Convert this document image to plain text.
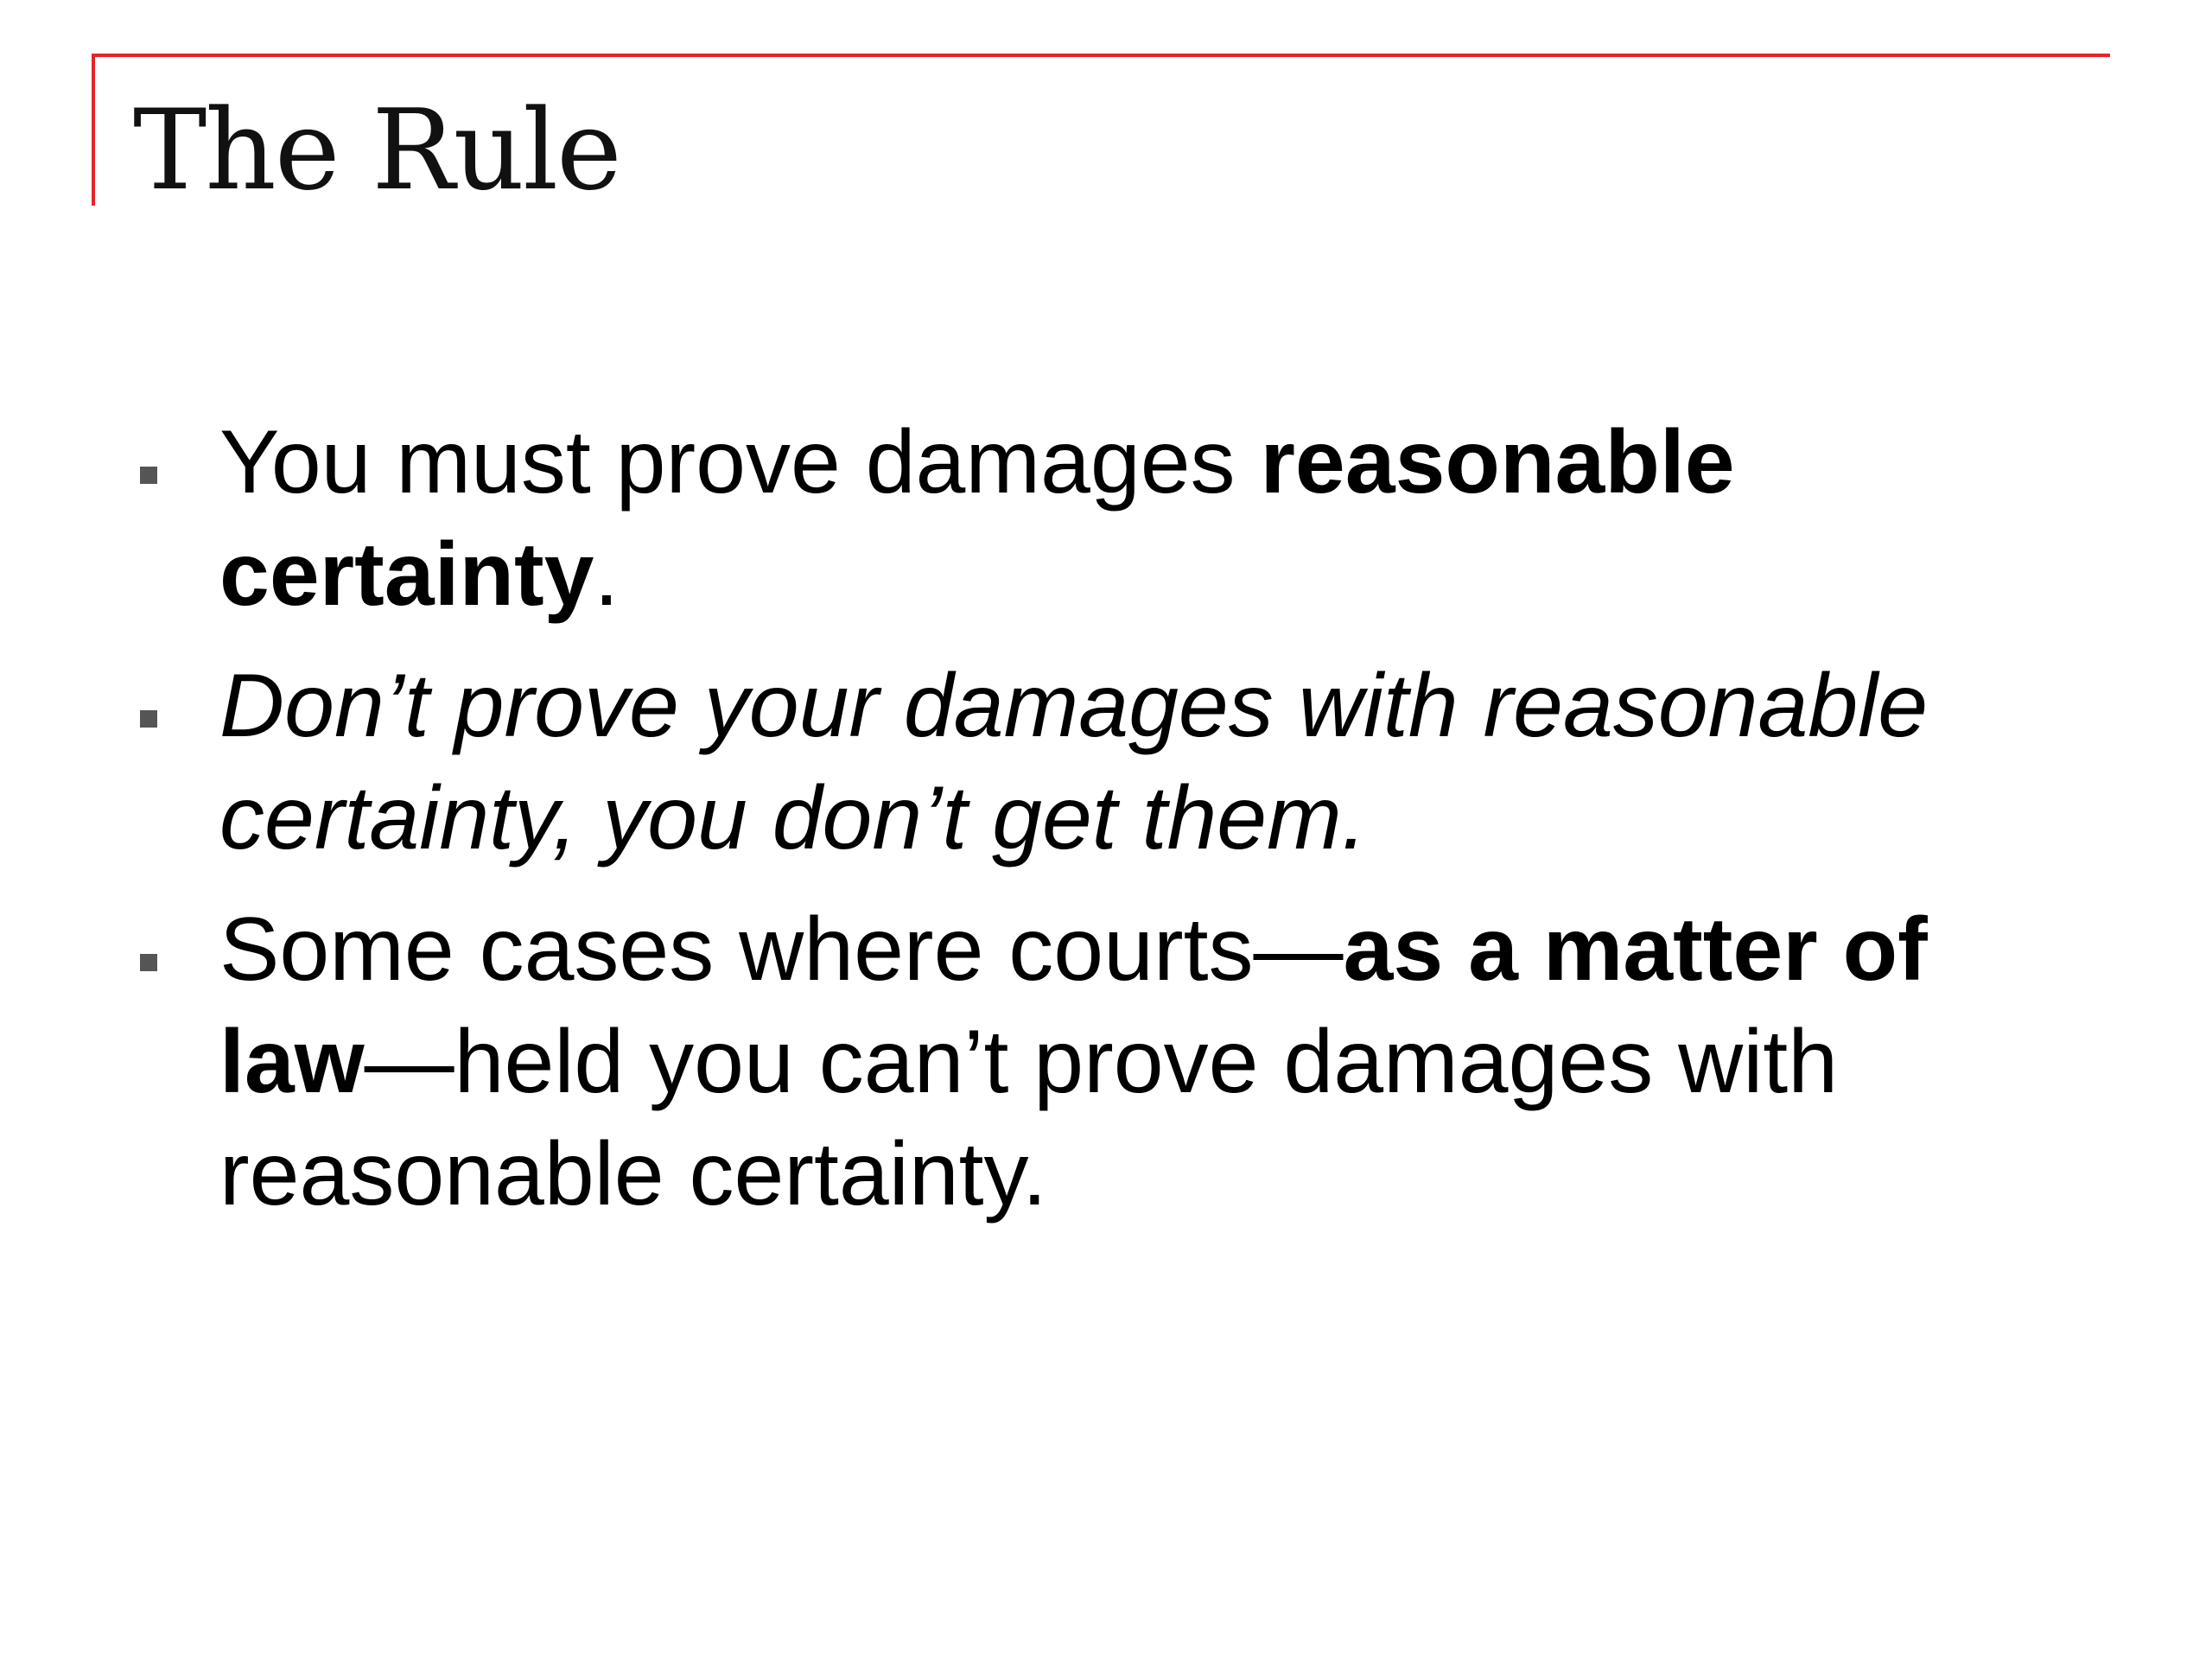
The Rule
You must prove damages reasonable certainty.
Don’t prove your damages with reasonable certainty, you don’t get them.
Some cases where courts—as a matter of law—held you can’t prove damages with reasonable certainty.
